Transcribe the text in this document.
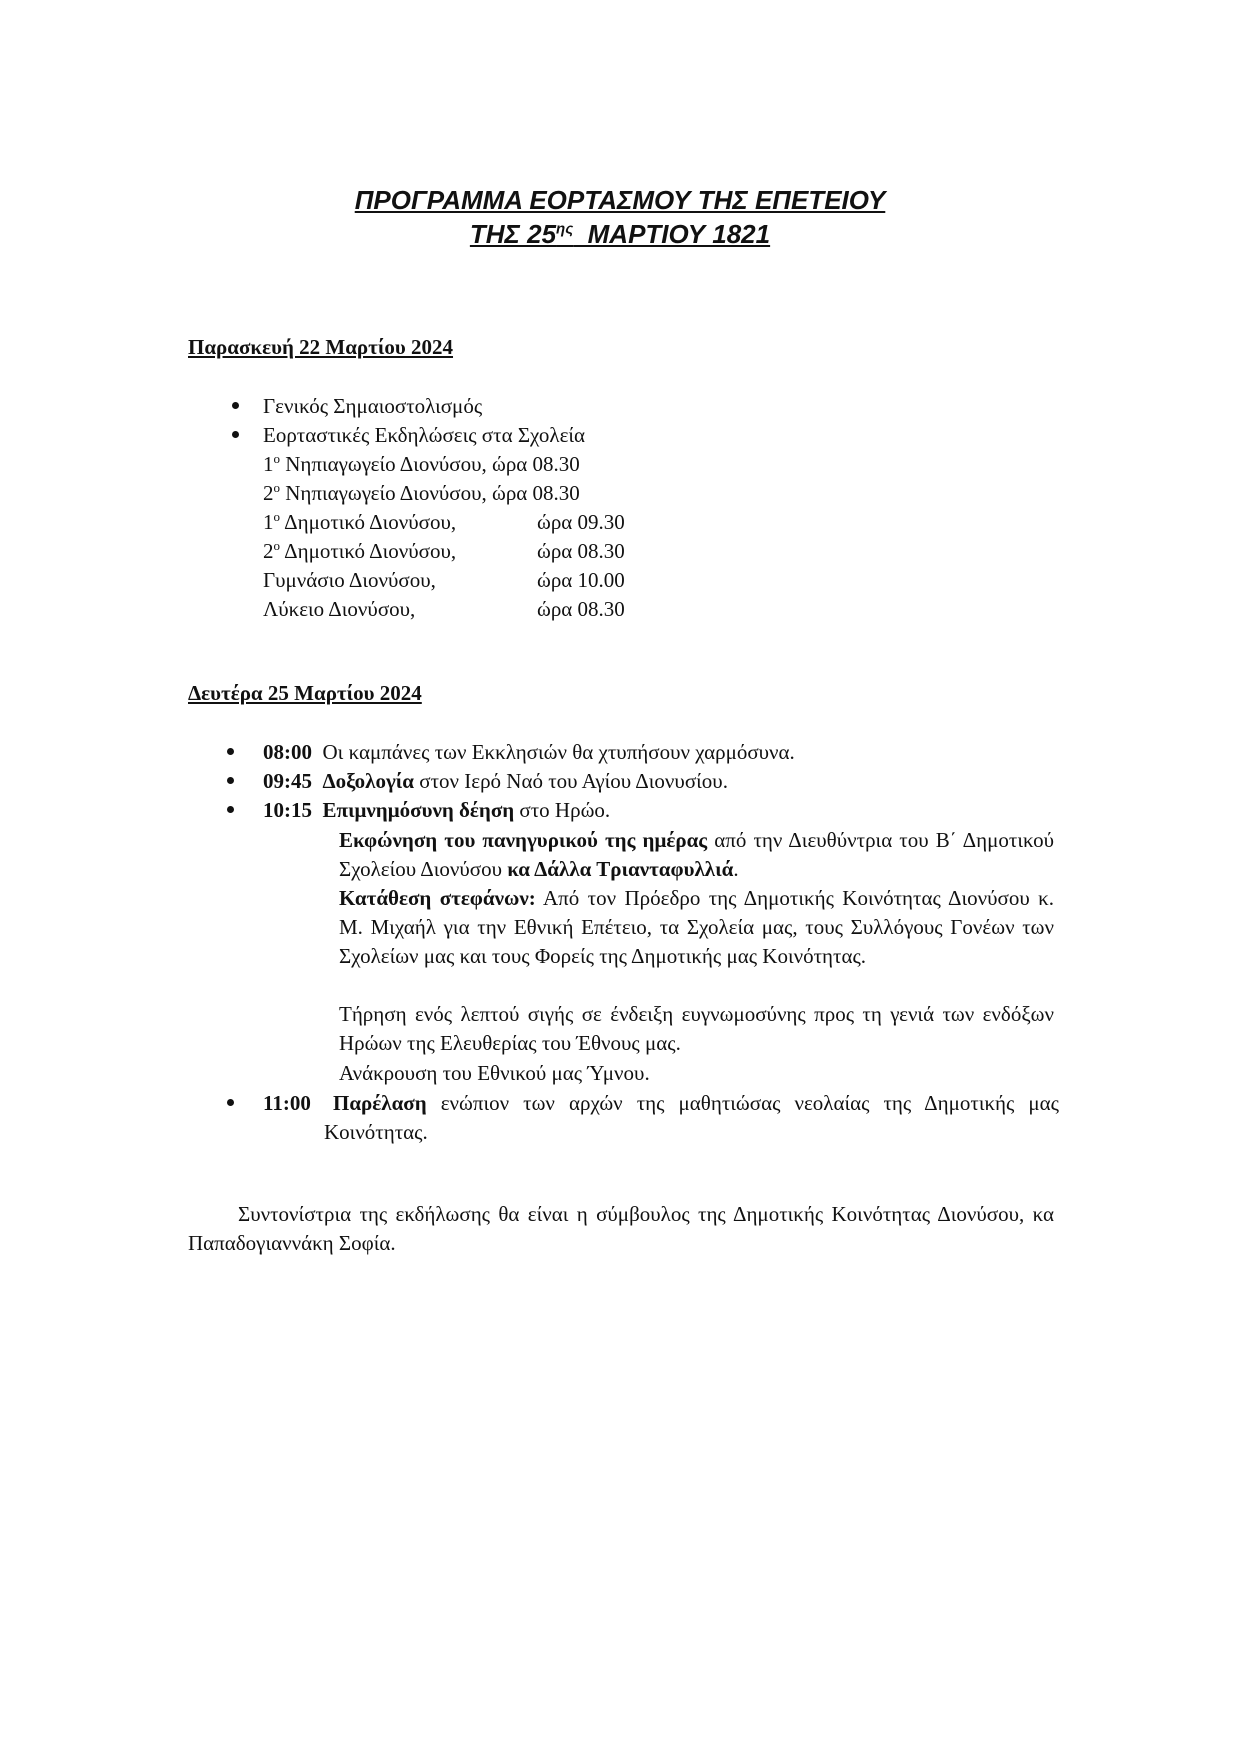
ΠΡΟΓΡΑΜΜΑ ΕΟΡΤΑΣΜΟΥ ΤΗΣ ΕΠΕΤΕΙΟΥ
ΤΗΣ $25^{\eta\varsigma}$  ΜΑΡΤΙΟΥ 1821
Παρασκευή 22 Μαρτίου 2024
Γενικός Σημαιοστολισμός
Εορταστικές Εκδηλώσεις στα Σχολεία
$1^o$ Νηπιαγωγείο Διονύσου, ώρα 08.30
$2^o$ Νηπιαγωγείο Διονύσου, ώρα 08.30
$1^o$ Δημοτικό Διονύσου,	ώρα 09.30
$2^o$ Δημοτικό Διονύσου,	ώρα 08.30
Γυμνάσιο Διονύσου,	ώρα 10.00
Λύκειο Διονύσου,	ώρα 08.30
Δευτέρα 25 Μαρτίου 2024
08:00 Οι καμπάνες των Εκκλησιών θα χτυπήσουν χαρμόσυνα.
09:45 Δοξολογία στον Ιερό Ναό του Αγίου Διονυσίου.
10:15 Επιμνημόσυνη δέηση στο Ηρώο.
Εκφώνηση του πανηγυρικού της ημέρας από την Διευθύντρια του Β΄ Δημοτικού Σχολείου Διονύσου κα Δάλλα Τριανταφυλλιά.
Κατάθεση στεφάνων: Από τον Πρόεδρο της Δημοτικής Κοινότητας Διονύσου κ. Μ. Μιχαήλ για την Εθνική Επέτειο, τα Σχολεία μας, τους Συλλόγους Γονέων των Σχολείων μας και τους Φορείς της Δημοτικής μας Κοινότητας.
Τήρηση ενός λεπτού σιγής σε ένδειξη ευγνωμοσύνης προς τη γενιά των ενδόξων Ηρώων της Ελευθερίας του Έθνους μας.
Ανάκρουση του Εθνικού μας Ύμνου.
11:00	Παρέλαση ενώπιον των αρχών της μαθητιώσας νεολαίας της Δημοτικής μας Κοινότητας.
Συντονίστρια της εκδήλωσης θα είναι η σύμβουλος της Δημοτικής Κοινότητας Διονύσου, κα Παπαδογιαννάκη Σοφία.
